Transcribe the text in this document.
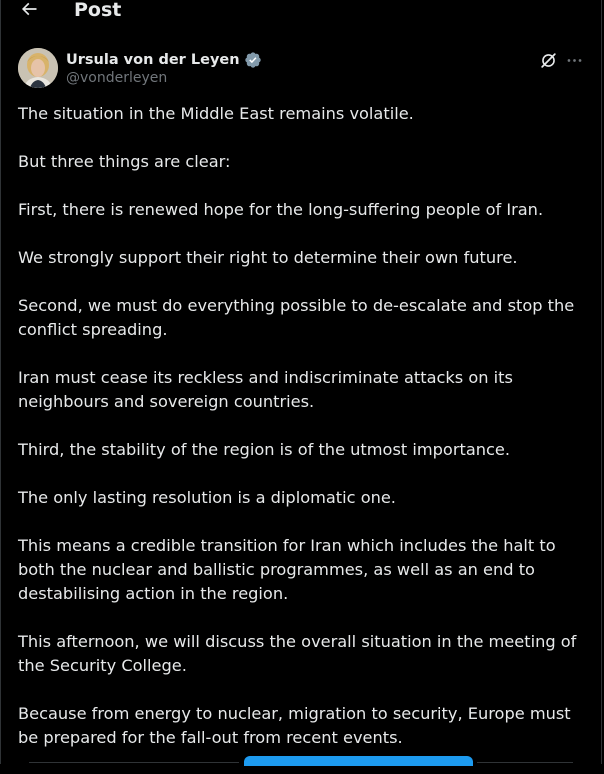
Post
Ursula von der Leyen
@vonderleyen

The situation in the Middle East remains volatile.

But three things are clear:

First, there is renewed hope for the long-suffering people of Iran.

We strongly support their right to determine their own future.

Second, we must do everything possible to de-escalate and stop the conflict spreading.

Iran must cease its reckless and indiscriminate attacks on its neighbours and sovereign countries.

Third, the stability of the region is of the utmost importance.

The only lasting resolution is a diplomatic one.

This means a credible transition for Iran which includes the halt to both the nuclear and ballistic programmes, as well as an end to destabilising action in the region.

This afternoon, we will discuss the overall situation in the meeting of the Security College.

Because from energy to nuclear, migration to security, Europe must be prepared for the fall-out from recent events.
